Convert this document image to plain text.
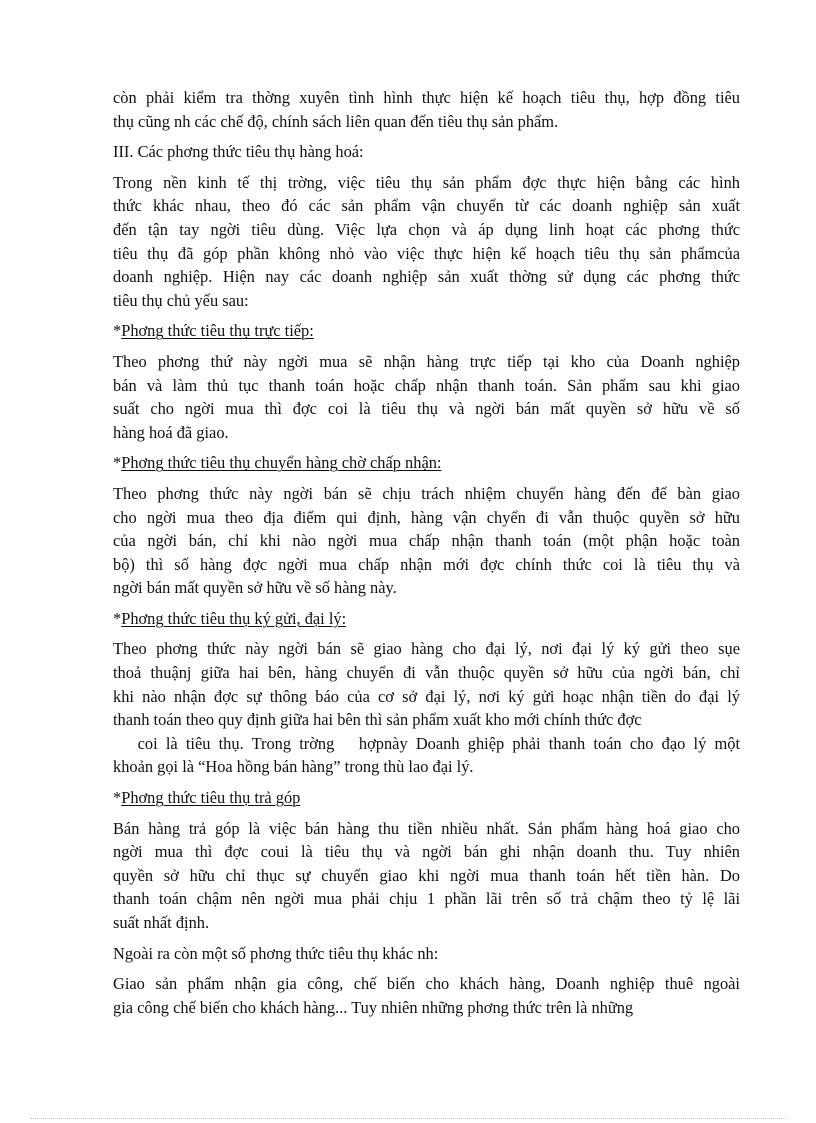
còn phải kiểm tra thờng xuyên tình hình thực hiện kế hoạch tiêu thụ, hợp đồng tiêu
thụ cũng nh các chế độ, chính sách liên quan đến tiêu thụ sản phẩm.
III. Các phơng thức tiêu thụ hàng hoá:
Trong nền kinh tế thị trờng, việc tiêu thụ sản phẩm đợc thực hiện bằng các hình
thức khác nhau, theo đó các sản phẩm vận chuyển từ các doanh nghiệp sản xuất
đến tận tay ngời tiêu dùng. Việc lựa chọn và áp dụng linh hoạt các phơng thức
tiêu thụ đã góp phần không nhỏ vào việc thực hiện kế hoạch tiêu thụ sản phẩmcủa
doanh nghiệp. Hiện nay các doanh nghiệp sản xuất thờng sử dụng các phơng thức
tiêu thụ chủ yếu sau:
*Phơng thức tiêu thụ trực tiếp:
Theo phơng thứ này ngời mua sẽ nhận hàng trực tiếp tại kho của Doanh nghiệp
bán và làm thủ tục thanh toán hoặc chấp nhận thanh toán. Sản phẩm sau khi giao
suất cho ngời mua thì đợc coi là tiêu thụ và ngời bán mất quyền sở hữu về số
hàng hoá đã giao.
*Phơng thức tiêu thụ chuyển hàng chờ chấp nhận:
Theo phơng thức này ngời bán sẽ chịu trách nhiệm chuyển hàng đến để bàn giao
cho ngời mua theo địa điểm qui định, hàng vận chyển đi vẫn thuộc quyền sở hữu
của ngời bán, chỉ khi nào ngời mua chấp nhận thanh toán (một phận hoặc toàn
bộ) thì số hàng đợc ngời mua chấp nhận mới đợc chính thức coi là tiêu thụ và
ngời bán mất quyền sở hữu về số hàng này.
*Phơng thức tiêu thụ ký gửi, đại lý:
Theo phơng thức này ngời bán sẽ giao hàng cho đại lý, nơi đại lý ký gửi theo sụe
thoả thuậnj giữa hai bên, hàng chuyển đi vẫn thuộc quyền sở hữu của ngời bán, chỉ
khi nào nhận đợc sự thông báo của cơ sở đại lý, nơi ký gửi hoạc nhận tiền do đại lý
thanh toán theo quy định giữa hai bên thì sản phẩm xuất kho mới chính thức đợc
coi là tiêu thụ. Trong trờng   hợpnày Doanh ghiệp phải thanh toán cho đạo lý một
khoản gọi là “Hoa hồng bán hàng” trong thù lao đại lý.
*Phơng thức tiêu thụ trả góp
Bán hàng trả góp là việc bán hàng thu tiền nhiều nhất. Sản phẩm hàng hoá giao cho
ngời mua thì đợc coui là tiêu thụ và ngời bán ghi nhận doanh thu. Tuy nhiên
quyền sở hữu chỉ thục sự chuyển giao khi ngời mua thanh toán hết tiền hàn. Do
thanh toán chậm nên ngời mua phải chịu 1 phần lãi trên số trả chậm theo tỷ lệ lãi
suất nhất định.
Ngoài ra còn một số phơng thức tiêu thụ khác nh:
Giao sản phẩm nhận gia công, chế biến cho khách hàng, Doanh nghiệp thuê ngoài
gia công chế biến cho khách hàng... Tuy nhiên những phơng thức trên là những
